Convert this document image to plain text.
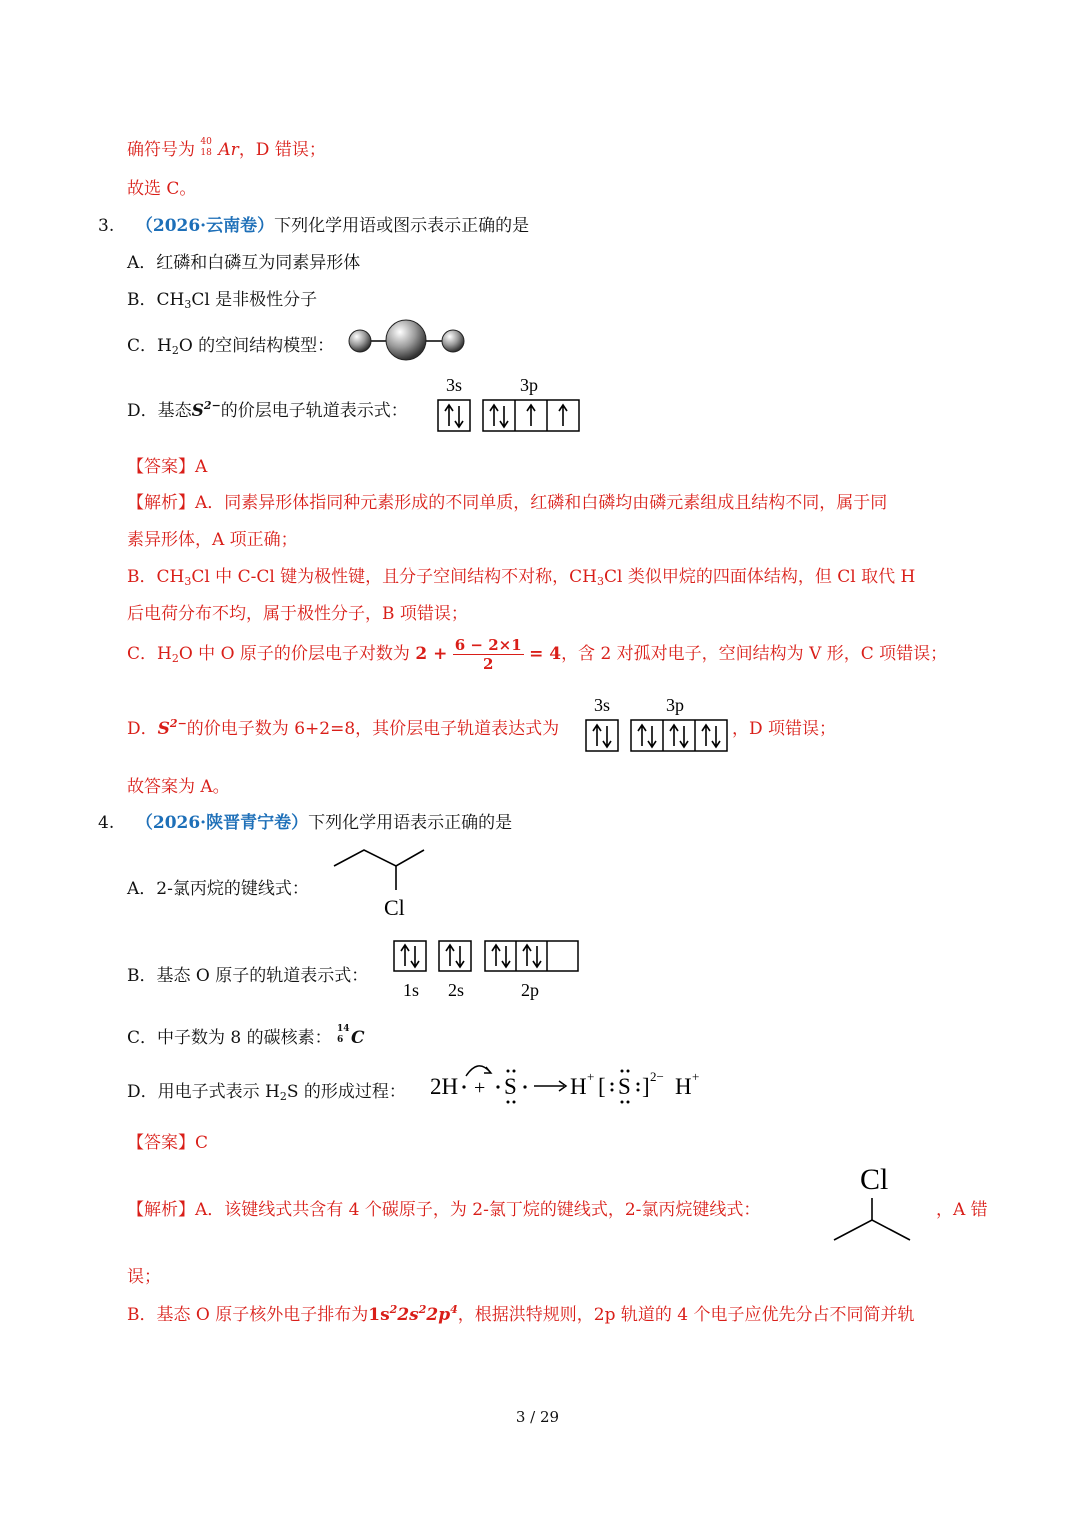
确符号为 40
18 Ar，D 错误；
故选 C。
3. （2026·云南卷）下列化学用语或图示表示正确的是
A．红磷和白磷互为同素异形体
B．$CH_3Cl$ 是非极性分子
C．$H_2O$ 的空间结构模型：
D．基态$S^{2-}$的价层电子轨道表示式：
3s	3p
【答案】A
【解析】A．同素异形体指同种元素形成的不同单质，红磷和白磷均由磷元素组成且结构不同，属于同
素异形体，A 项正确；
B．$CH_3Cl$ 中 C-Cl 键为极性键，且分子空间结构不对称，$CH_3Cl$ 类似甲烷的四面体结构，但 Cl 取代 H
后电荷分布不均，属于极性分子，B 项错误；
C．$H_2O$ 中 O 原子的价层电子对数为 $2 + \frac{6 - 2\times 1}{2} = 4$，含 2 对孤对电子，空间结构为 V 形，C 项错误；
D．$S^{2-}$的价电子数为 6+2=8，其价层电子轨道表达式为
3s	3p
，D 项错误；
故答案为 A。
4. （2026·陕晋青宁卷）下列化学用语表示正确的是
A．2-氯丙烷的键线式：
Cl
B．基态 O 原子的轨道表示式：
1s 2s	2p
C．中子数为 8 的碳核素： 14
6 C
D．用电子式表示 $H_2S$ 的形成过程： 2H + S H + [ S ] 2− H +
【答案】C
【解析】A．该键线式共含有 4 个碳原子，为 2-氯丁烷的键线式，2-氯丙烷键线式：
Cl
，A 错
误；
B．基态 O 原子核外电子排布为$1s^22s^22p^4$，根据洪特规则，2p 轨道的 4 个电子应优先分占不同简并轨
3 / 29
